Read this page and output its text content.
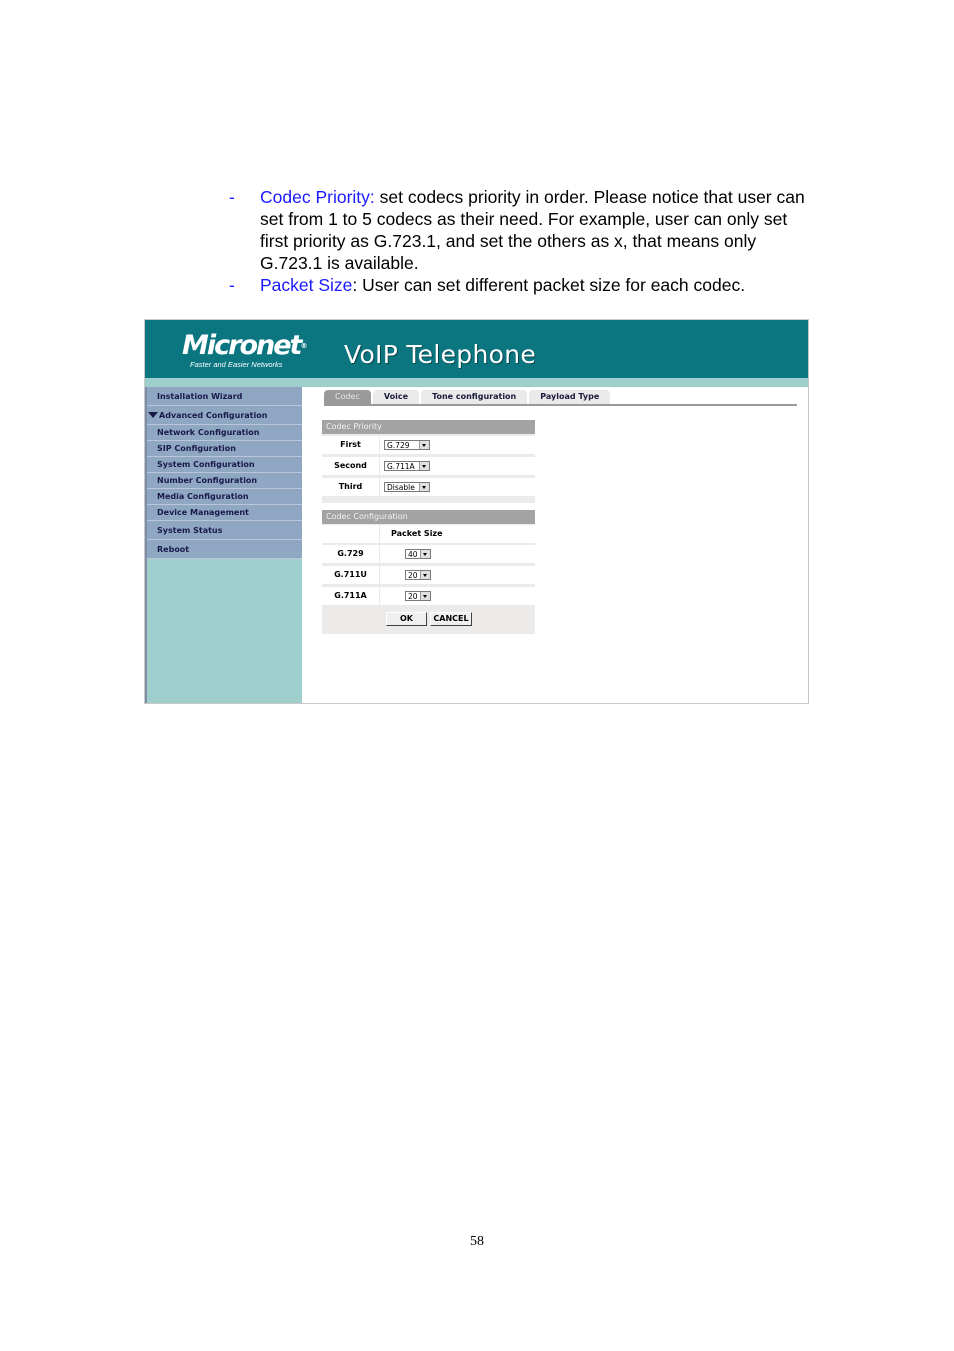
- Codec Priority: set codecs priority in order. Please notice that user can set from 1 to 5 codecs as their need. For example, user can only set first priority as G.723.1, and set the others as x, that means only G.723.1 is available.
- Packet Size: User can set different packet size for each codec.
Micronet®
Faster and Easier Networks	VoIP Telephone
Installation Wizard
Advanced Configuration
Network Configuration
SIP Configuration
System Configuration
Number Configuration
Media Configuration
Device Management
System Status
Reboot
Codec	Voice	Tone configuration	Payload Type
Codec Priority
First	G.729
Second	G.711A
Third	Disable
Codec Configuration
Packet Size
G.729	40
G.711U	20
G.711A	20
OK	CANCEL
58
